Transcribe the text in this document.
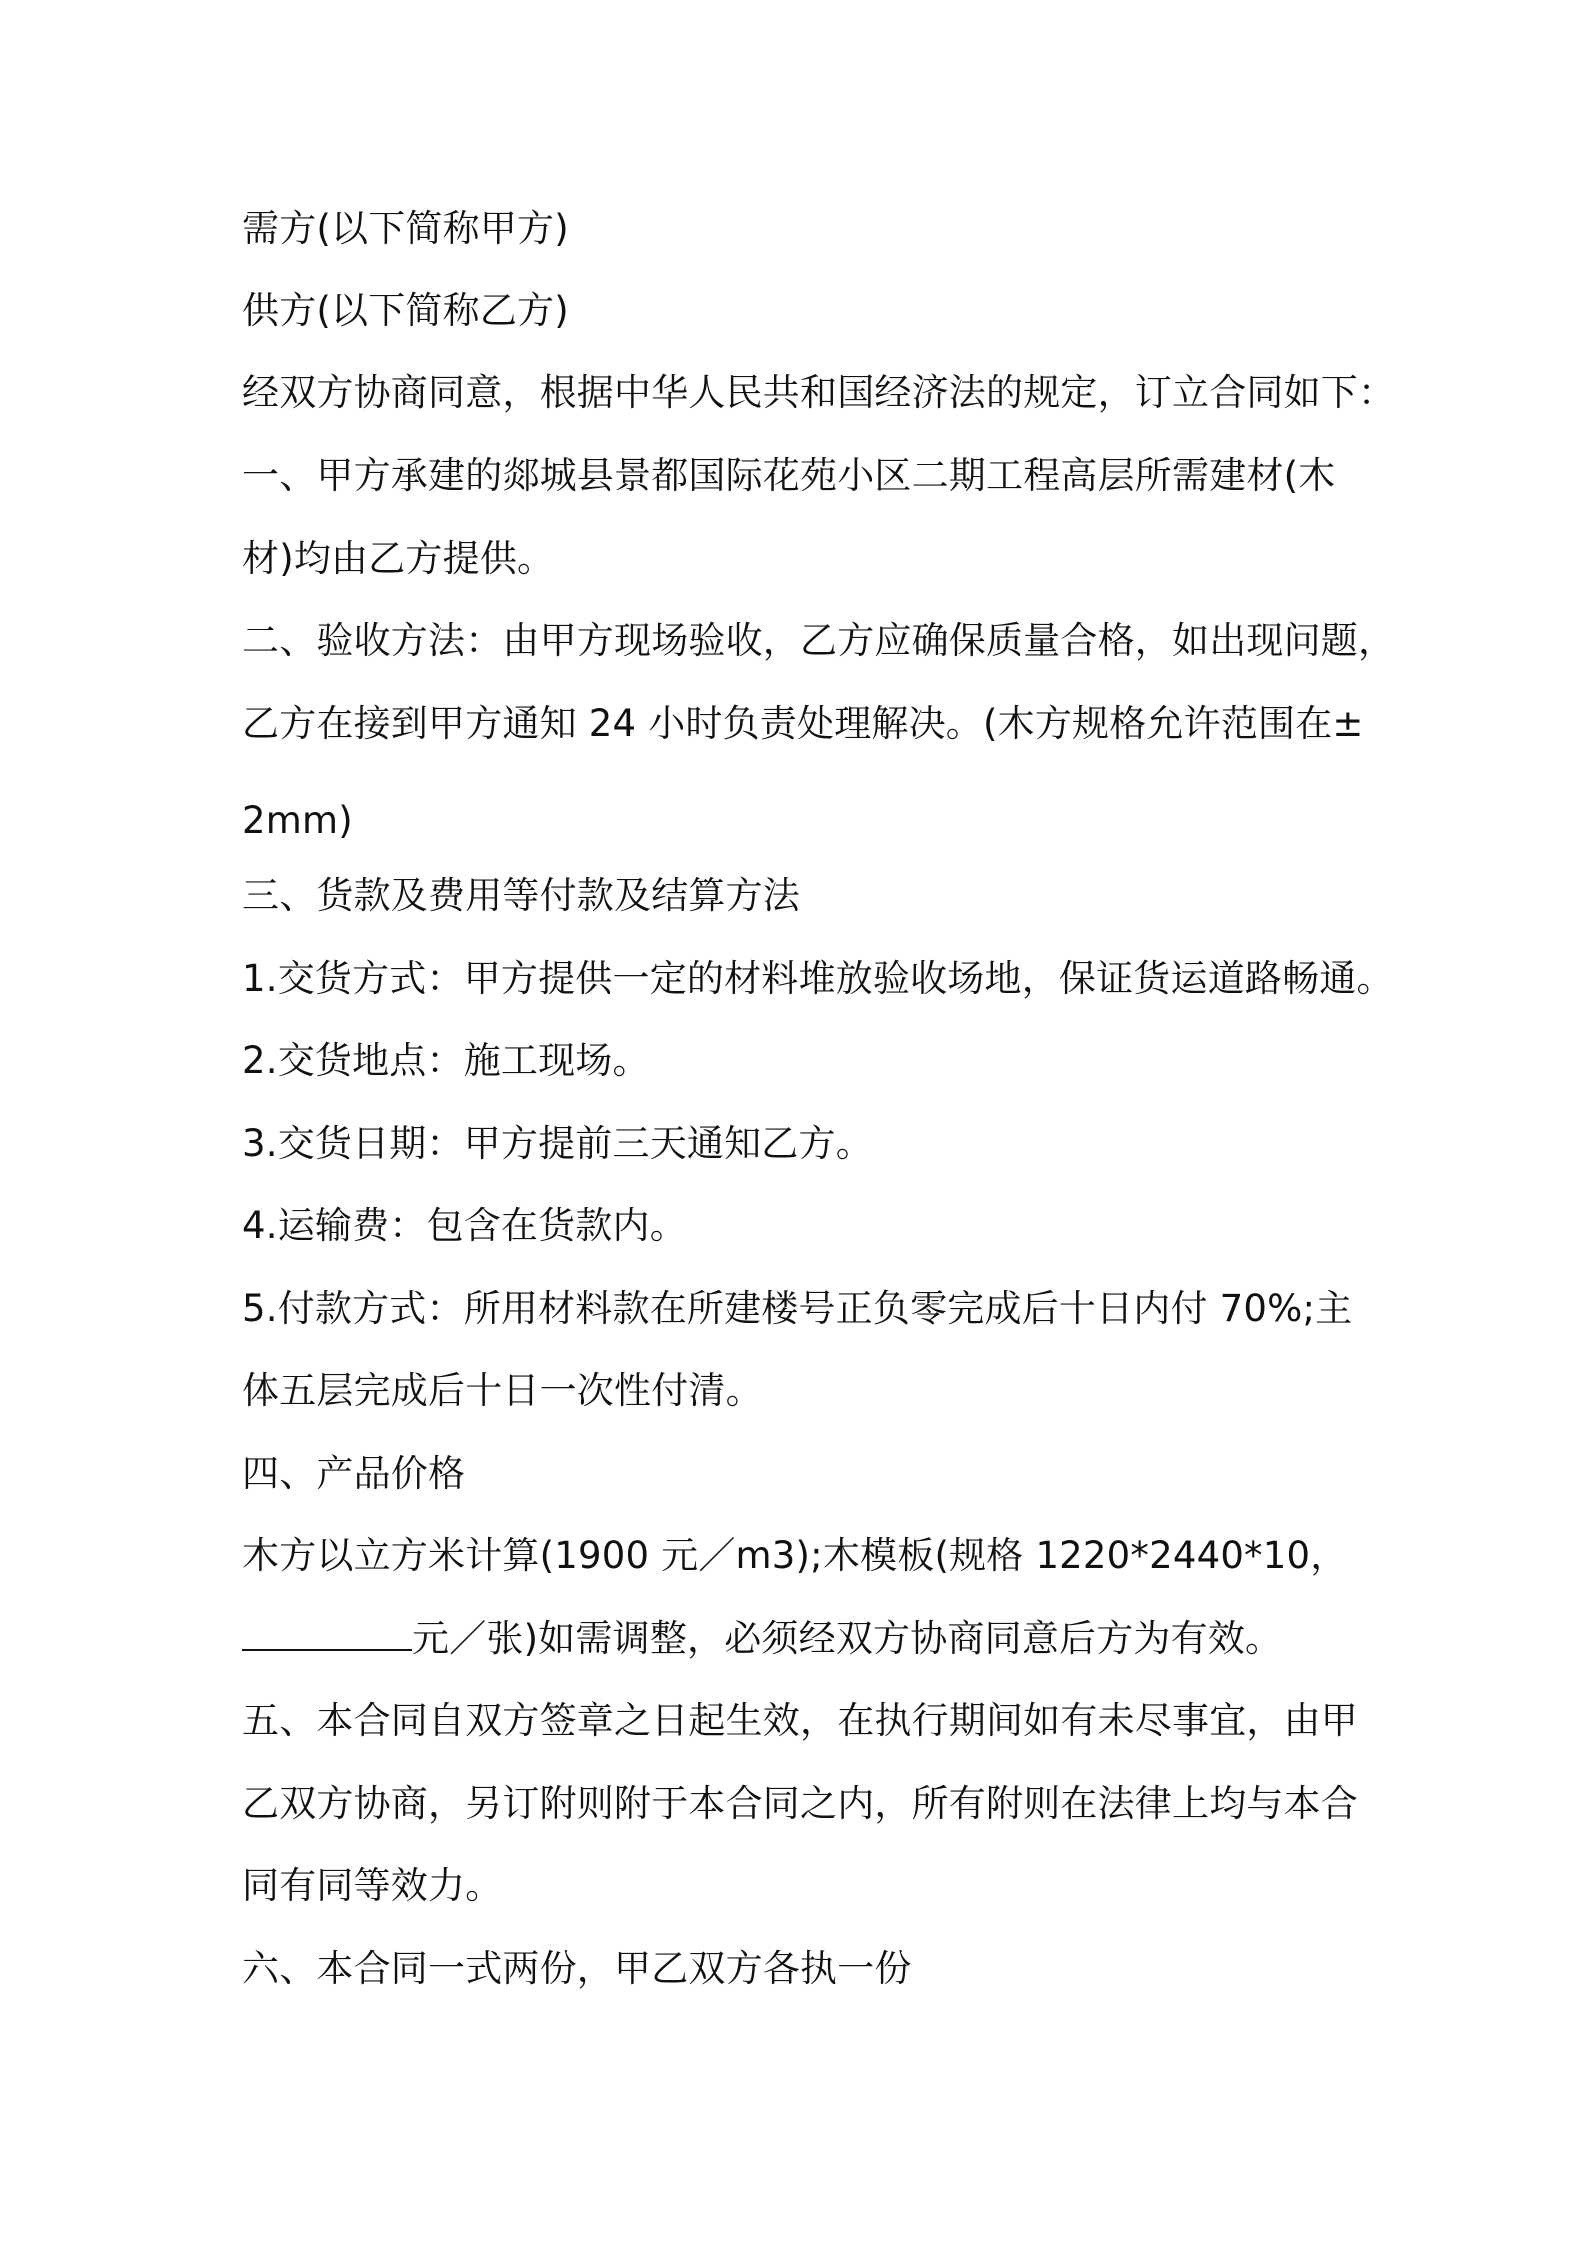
需方(以下简称甲方)

供方(以下简称乙方)

经双方协商同意，根据中华人民共和国经济法的规定，订立合同如下：

一、甲方承建的郯城县景都国际花苑小区二期工程高层所需建材(木

材)均由乙方提供。

二、验收方法：由甲方现场验收，乙方应确保质量合格，如出现问题，

乙方在接到甲方通知 24 小时负责处理解决。(木方规格允许范围在±

2mm)

三、货款及费用等付款及结算方法

1.交货方式：甲方提供一定的材料堆放验收场地，保证货运道路畅通。

2.交货地点：施工现场。

3.交货日期：甲方提前三天通知乙方。

4.运输费：包含在货款内。

5.付款方式：所用材料款在所建楼号正负零完成后十日内付 70%;主

体五层完成后十日一次性付清。

四、产品价格

木方以立方米计算(1900 元／m3);木模板(规格 1220*2440*10，

元／张)如需调整，必须经双方协商同意后方为有效。

五、本合同自双方签章之日起生效，在执行期间如有未尽事宜，由甲

乙双方协商，另订附则附于本合同之内，所有附则在法律上均与本合

同有同等效力。

六、本合同一式两份，甲乙双方各执一份
